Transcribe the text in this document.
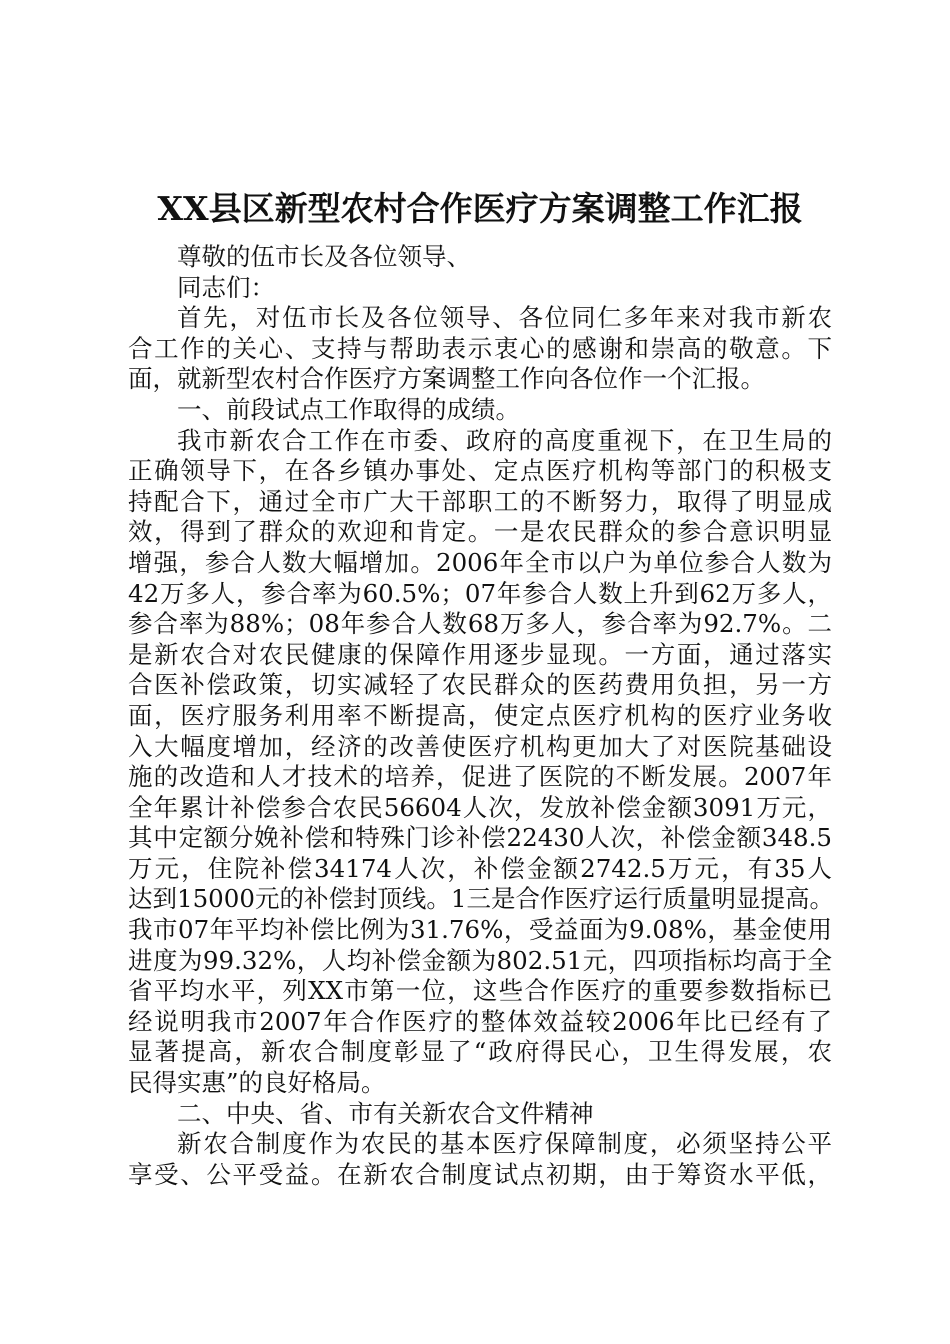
XX县区新型农村合作医疗方案调整工作汇报
尊敬的伍市长及各位领导、
同志们：
首先，对伍市长及各位领导、各位同仁多年来对我市新农
合工作的关心、支持与帮助表示衷心的感谢和崇高的敬意。下
面，就新型农村合作医疗方案调整工作向各位作一个汇报。
一、前段试点工作取得的成绩。
我市新农合工作在市委、政府的高度重视下，在卫生局的
正确领导下，在各乡镇办事处、定点医疗机构等部门的积极支
持配合下，通过全市广大干部职工的不断努力，取得了明显成
效，得到了群众的欢迎和肯定。一是农民群众的参合意识明显
增强，参合人数大幅增加。2006年全市以户为单位参合人数为
42万多人，参合率为60.5%；07年参合人数上升到62万多人，
参合率为88%；08年参合人数68万多人，参合率为92.7%。二
是新农合对农民健康的保障作用逐步显现。一方面，通过落实
合医补偿政策，切实减轻了农民群众的医药费用负担，另一方
面，医疗服务利用率不断提高，使定点医疗机构的医疗业务收
入大幅度增加，经济的改善使医疗机构更加大了对医院基础设
施的改造和人才技术的培养，促进了医院的不断发展。2007年
全年累计补偿参合农民56604人次，发放补偿金额3091万元，
其中定额分娩补偿和特殊门诊补偿22430人次，补偿金额348.5
万元，住院补偿34174人次，补偿金额2742.5万元，有35人
达到15000元的补偿封顶线。1三是合作医疗运行质量明显提高。
我市07年平均补偿比例为31.76%，受益面为9.08%，基金使用
进度为99.32%，人均补偿金额为802.51元，四项指标均高于全
省平均水平，列XX市第一位，这些合作医疗的重要参数指标已
经说明我市2007年合作医疗的整体效益较2006年比已经有了
显著提高，新农合制度彰显了“政府得民心，卫生得发展，农
民得实惠”的良好格局。
二、中央、省、市有关新农合文件精神
新农合制度作为农民的基本医疗保障制度，必须坚持公平
享受、公平受益。在新农合制度试点初期，由于筹资水平低，
